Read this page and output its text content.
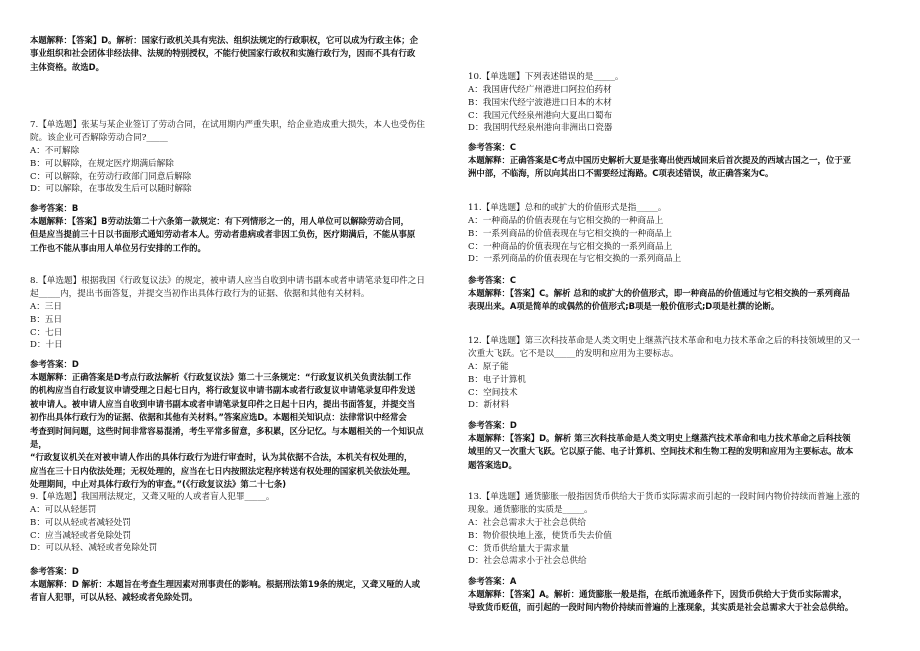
本题解释：【答案】D。解析：国家行政机关具有宪法、组织法规定的行政职权，它可以成为行政主体；企
事业组织和社会团体非经法律、法规的特别授权，不能行使国家行政权和实施行政行为，因而不具有行政
主体资格。故选D。

7.【单选题】张某与某企业签订了劳动合同，在试用期内严重失职，给企业造成重大损失，本人也受伤住
院。该企业可否解除劳动合同?_____

A：不可解除

B：可以解除，在规定医疗期满后解除

C：可以解除，在劳动行政部门同意后解除

D：可以解除，在事故发生后可以随时解除

参考答案：B

本题解释：【答案】B劳动法第二十六条第一款规定：有下列情形之一的，用人单位可以解除劳动合同，
但是应当提前三十日以书面形式通知劳动者本人。劳动者患病或者非因工负伤，医疗期满后，不能从事原
工作也不能从事由用人单位另行安排的工作的。

8.【单选题】根据我国《行政复议法》的规定，被申请人应当自收到申请书副本或者申请笔录复印件之日
起_____内，提出书面答复，并提交当初作出具体行政行为的证据、依据和其他有关材料。

A：三日

B：五日

C：七日

D：十日

参考答案：D

本题解释：正确答案是D考点行政法解析《行政复议法》第二十三条规定：“行政复议机关负责法制工作
的机构应当自行政复议申请受理之日起七日内，将行政复议申请书副本或者行政复议申请笔录复印件发送
被申请人。被申请人应当自收到申请书副本或者申请笔录复印件之日起十日内，提出书面答复，并提交当
初作出具体行政行为的证据、依据和其他有关材料。”答案应选D。本题相关知识点：法律常识中经常会
考查到时间问题，这些时间非常容易混淆，考生平常多留意，多积累，区分记忆。与本题相关的一个知识点是，
“行政复议机关在对被申请人作出的具体行政行为进行审查时，认为其依据不合法，本机关有权处理的，
应当在三十日内依法处理；无权处理的，应当在七日内按照法定程序转送有权处理的国家机关依法处理。
处理期间，中止对具体行政行为的审查。”(《行政复议法》第二十七条)

9.【单选题】我国刑法规定，又聋又哑的人或者盲人犯罪_____。

A：可以从轻惩罚

B：可以从轻或者减轻处罚

C：应当减轻或者免除处罚

D：可以从轻、减轻或者免除处罚

参考答案：D

本题解释：D 解析：本题旨在考查生理因素对刑事责任的影响。根据刑法第19条的规定，又聋又哑的人或
者盲人犯罪，可以从轻、减轻或者免除处罚。

10.【单选题】下列表述错误的是_____。

A：我国唐代经广州港进口阿拉伯药材

B：我国宋代经宁波港进口日本的木材

C：我国元代经泉州港向大夏出口蜀布

D：我国明代经泉州港向非洲出口瓷器

参考答案：C

本题解释：正确答案是C考点中国历史解析大夏是张骞出使西域回来后首次提及的西域古国之一，位于亚
洲中部，不临海，所以向其出口不需要经过海路。C项表述错误，故正确答案为C。

11.【单选题】总和的或扩大的价值形式是指_____。

A：一种商品的价值表现在与它相交换的一种商品上

B：一系列商品的价值表现在与它相交换的一种商品上

C：一种商品的价值表现在与它相交换的一系列商品上

D：一系列商品的价值表现在与它相交换的一系列商品上

参考答案：C

本题解释：【答案】C。解析 总和的或扩大的价值形式，即一种商品的价值通过与它相交换的一系列商品
表现出来。A项是简单的或偶然的价值形式;B项是一般价值形式;D项是杜撰的论断。

12.【单选题】第三次科技革命是人类文明史上继蒸汽技术革命和电力技术革命之后的科技领域里的又一
次重大飞跃。它不是以_____的发明和应用为主要标志。

A：原子能

B：电子计算机

C：空间技术

D：新材料

参考答案：D

本题解释：【答案】D。解析 第三次科技革命是人类文明史上继蒸汽技术革命和电力技术革命之后科技领
域里的又一次重大飞跃。它以原子能、电子计算机、空间技术和生物工程的发明和应用为主要标志。故本
题答案选D。

13.【单选题】通货膨胀一般指因货币供给大于货币实际需求而引起的一段时间内物价持续而普遍上涨的
现象。通货膨胀的实质是_____。

A：社会总需求大于社会总供给

B：物价很快地上涨，使货币失去价值

C：货币供给量大于需求量

D：社会总需求小于社会总供给

参考答案：A

本题解释：【答案】A。解析：通货膨胀一般是指，在纸币流通条件下，因货币供给大于货币实际需求，
导致货币贬值，而引起的一段时间内物价持续而普遍的上涨现象，其实质是社会总需求大于社会总供给。
